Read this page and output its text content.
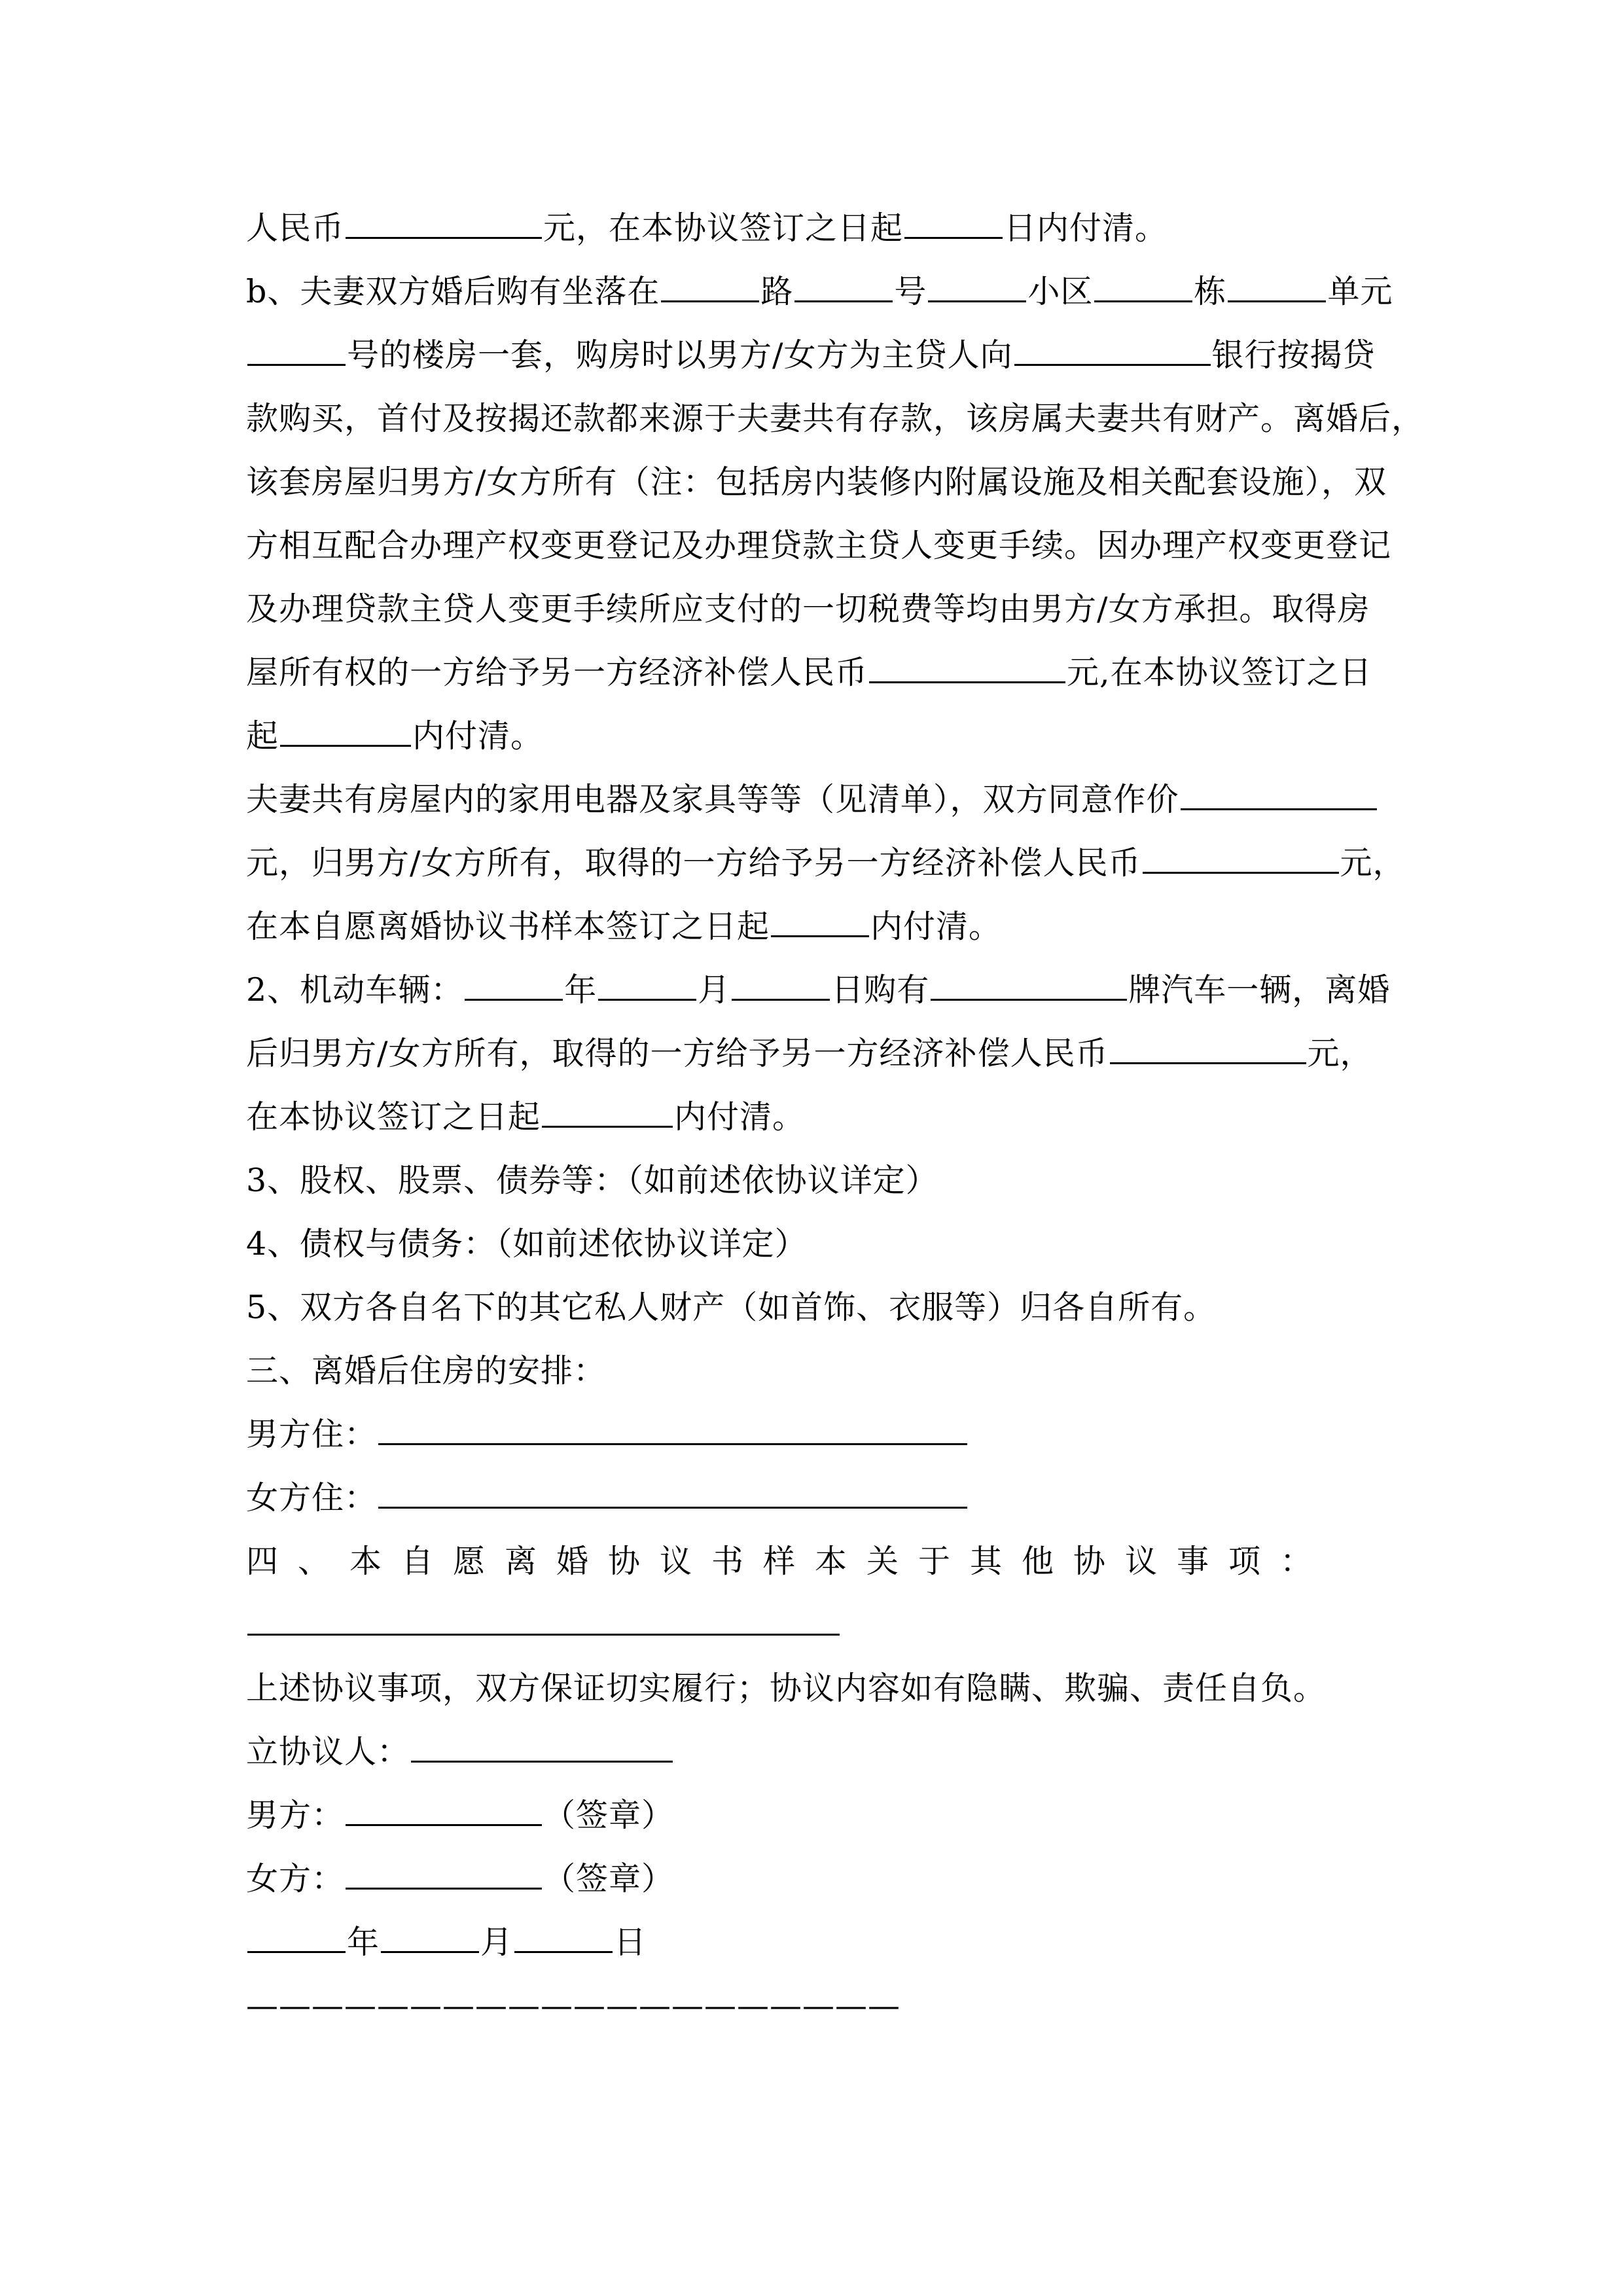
人民币	元，在本协议签订之日起	日内付清。
b、夫妻双方婚后购有坐落在	路	号	小区	栋	单元
号的楼房一套，购房时以男方/女方为主贷人向	银行按揭贷
款购买，首付及按揭还款都来源于夫妻共有存款，该房属夫妻共有财产。离婚后，
该套房屋归男方/女方所有（注：包括房内装修内附属设施及相关配套设施），双
方相互配合办理产权变更登记及办理贷款主贷人变更手续。因办理产权变更登记
及办理贷款主贷人变更手续所应支付的一切税费等均由男方/女方承担。取得房
屋所有权的一方给予另一方经济补偿人民币	元,在本协议签订之日
起	内付清。
夫妻共有房屋内的家用电器及家具等等（见清单），双方同意作价
元，归男方/女方所有，取得的一方给予另一方经济补偿人民币	元，
在本自愿离婚协议书样本签订之日起	内付清。
2、机动车辆：	年	月	日购有	牌汽车一辆，离婚
后归男方/女方所有，取得的一方给予另一方经济补偿人民币	元，
在本协议签订之日起	内付清。
3、股权、股票、债券等：（如前述依协议详定）
4、债权与债务：（如前述依协议详定）
5、双方各自名下的其它私人财产（如首饰、衣服等）归各自所有。
三、离婚后住房的安排：
男方住：
女方住：
四、本自愿离婚协议书样本关于其他协议事项：
上述协议事项，双方保证切实履行；协议内容如有隐瞒、欺骗、责任自负。
立协议人：
男方：	（签章）
女方：	（签章）
年	月	日
————————————————————
